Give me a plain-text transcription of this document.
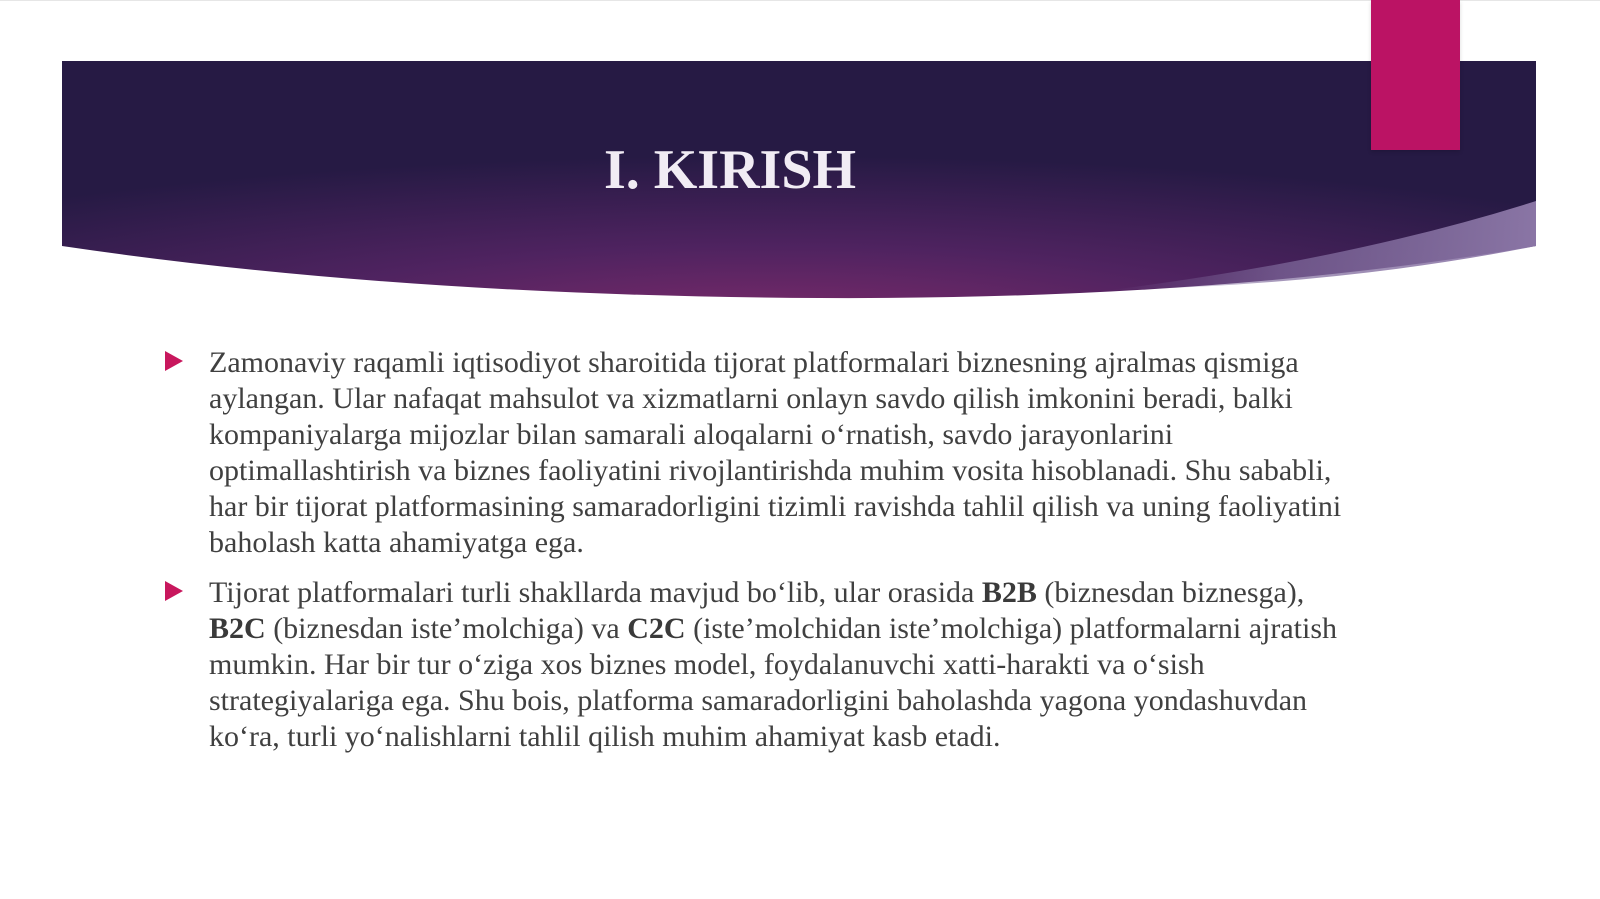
I. KIRISH
Zamonaviy raqamli iqtisodiyot sharoitida tijorat platformalari biznesning ajralmas qismiga aylangan. Ular nafaqat mahsulot va xizmatlarni onlayn savdo qilish imkonini beradi, balki kompaniyalarga mijozlar bilan samarali aloqalarni o‘rnatish, savdo jarayonlarini optimallashtirish va biznes faoliyatini rivojlantirishda muhim vosita hisoblanadi. Shu sababli, har bir tijorat platformasining samaradorligini tizimli ravishda tahlil qilish va uning faoliyatini baholash katta ahamiyatga ega.
Tijorat platformalari turli shakllarda mavjud bo‘lib, ular orasida B2B (biznesdan biznesga), B2C (biznesdan iste’molchiga) va C2C (iste’molchidan iste’molchiga) platformalarni ajratish mumkin. Har bir tur o‘ziga xos biznes model, foydalanuvchi xatti-harakti va o‘sish strategiyalariga ega. Shu bois, platforma samaradorligini baholashda yagona yondashuvdan ko‘ra, turli yo‘nalishlarni tahlil qilish muhim ahamiyat kasb etadi.
